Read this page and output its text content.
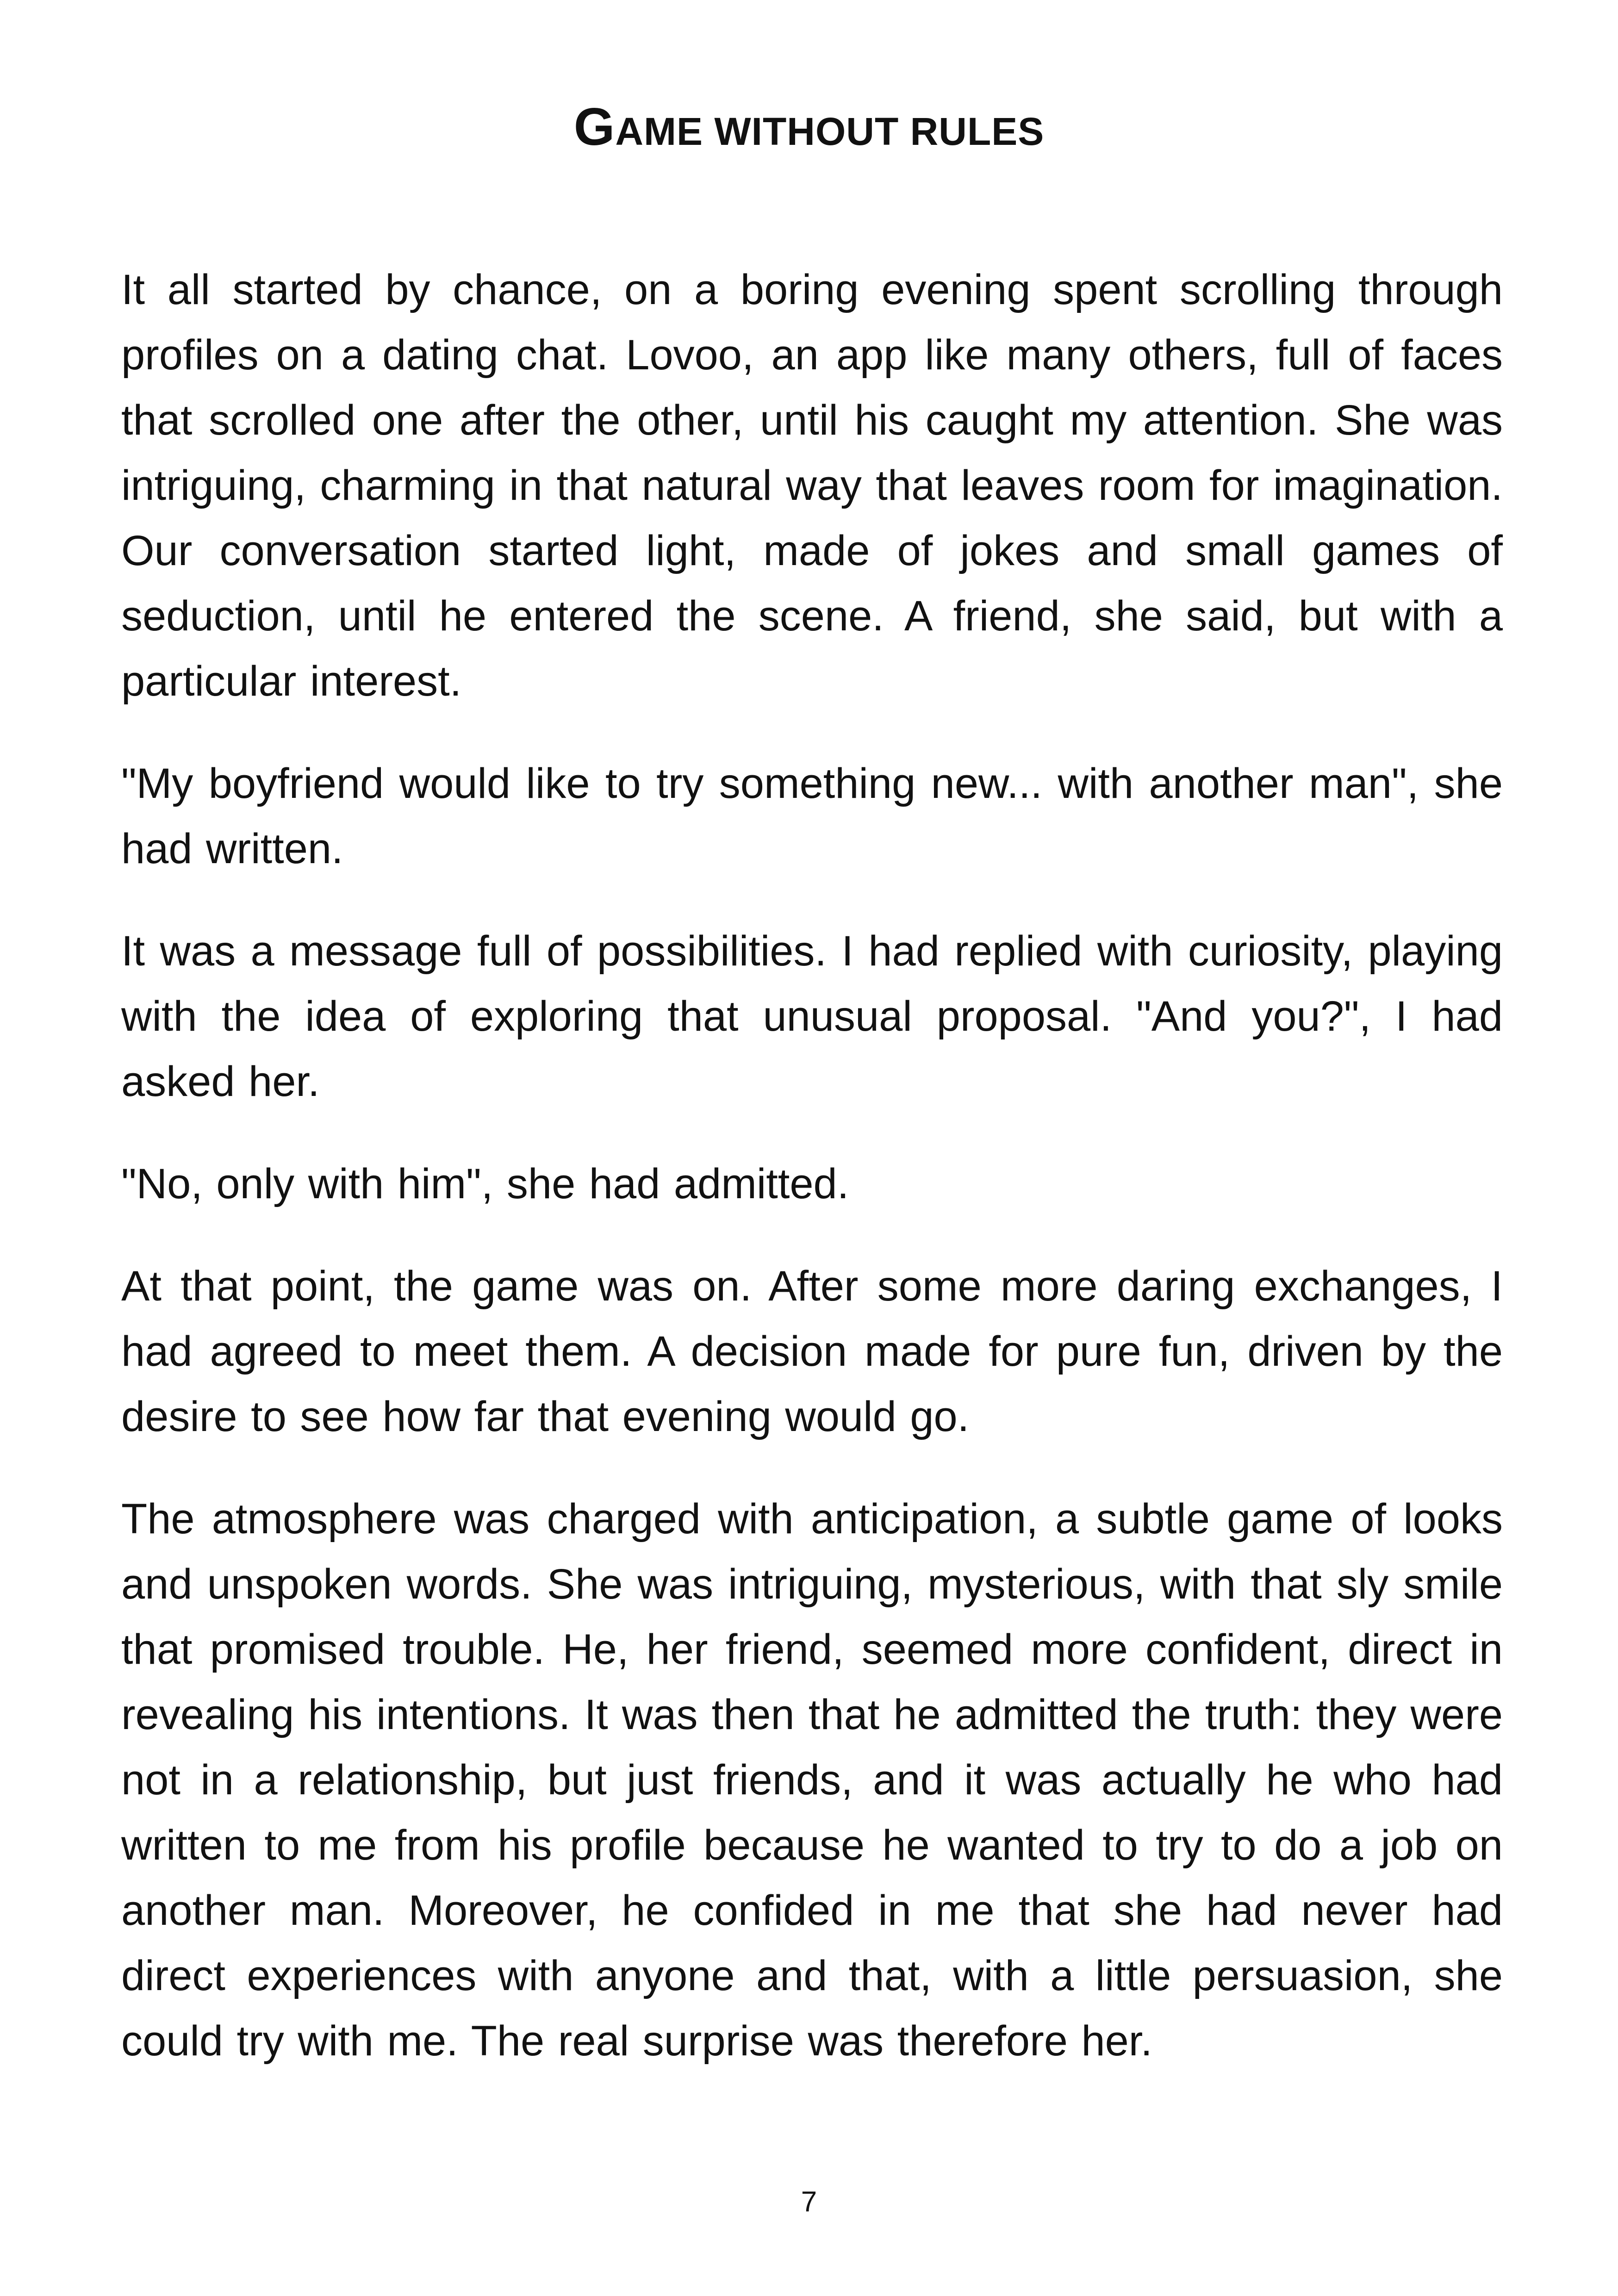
GAME WITHOUT RULES

It all started by chance, on a boring evening spent scrolling through profiles on a dating chat. Lovoo, an app like many others, full of faces that scrolled one after the other, until his caught my attention. She was intriguing, charming in that natural way that leaves room for imagination. Our conversation started light, made of jokes and small games of seduction, until he entered the scene. A friend, she said, but with a particular interest.

"My boyfriend would like to try something new... with another man", she had written.

It was a message full of possibilities. I had replied with curiosity, playing with the idea of exploring that unusual proposal. "And you?", I had asked her.

"No, only with him", she had admitted.

At that point, the game was on. After some more daring exchanges, I had agreed to meet them. A decision made for pure fun, driven by the desire to see how far that evening would go.

The atmosphere was charged with anticipation, a subtle game of looks and unspoken words. She was intriguing, mysterious, with that sly smile that promised trouble. He, her friend, seemed more confident, direct in revealing his intentions. It was then that he admitted the truth: they were not in a relationship, but just friends, and it was actually he who had written to me from his profile because he wanted to try to do a job on another man. Moreover, he confided in me that she had never had direct experiences with anyone and that, with a little persuasion, she could try with me. The real surprise was therefore her.

7
